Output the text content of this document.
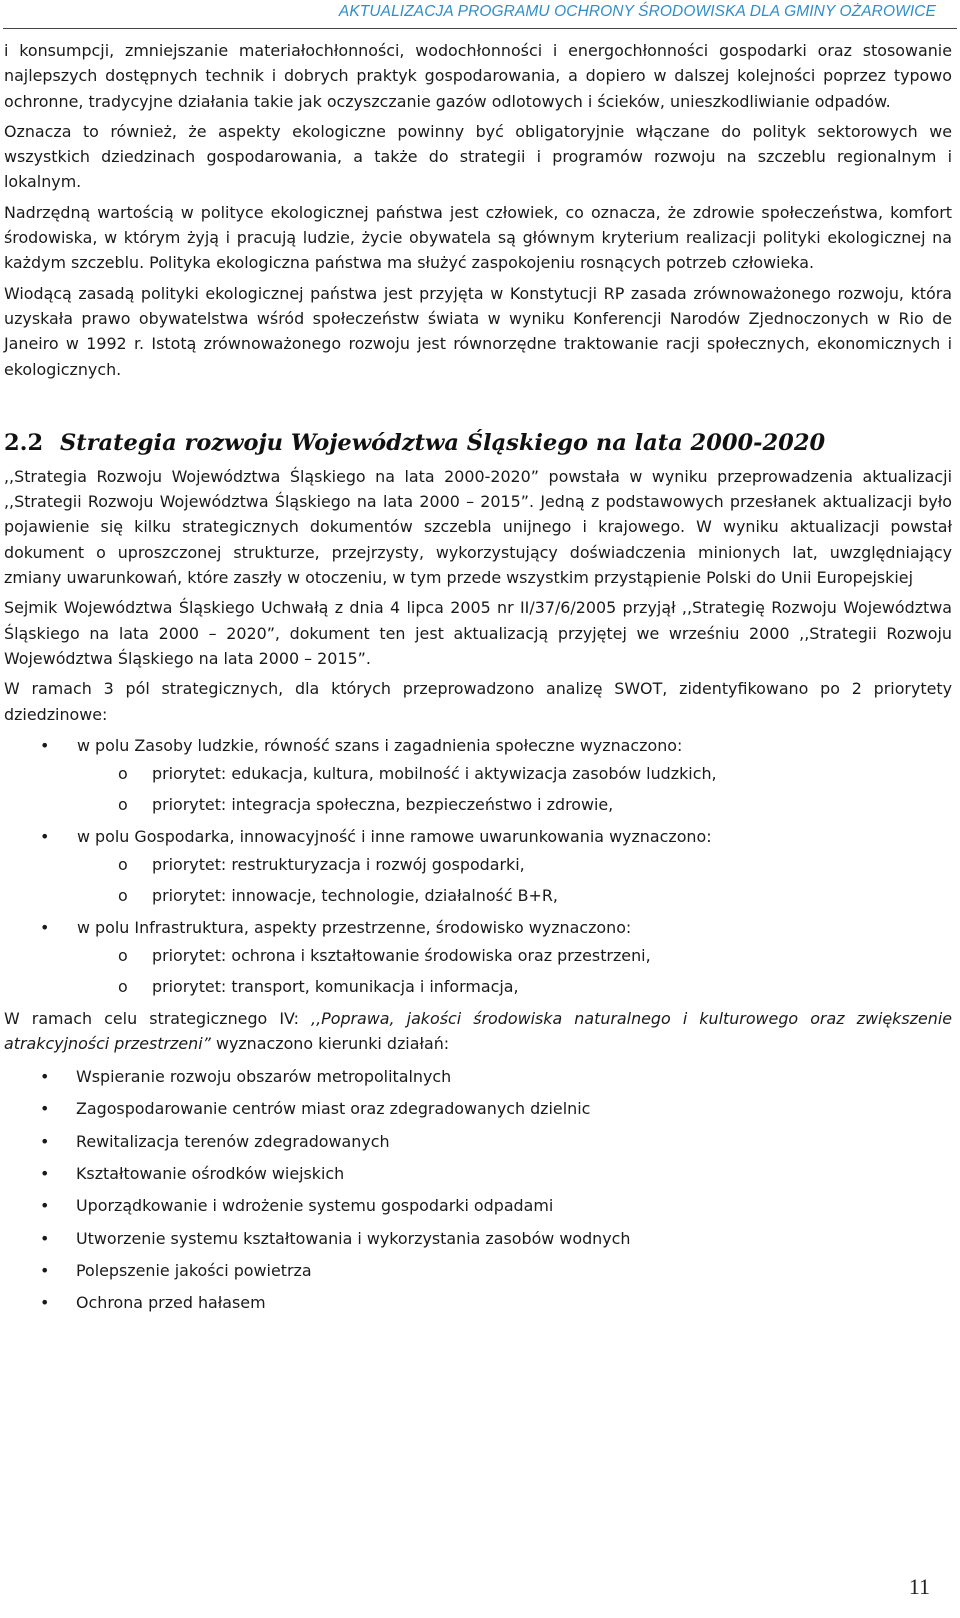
AKTUALIZACJA PROGRAMU OCHRONY ŚRODOWISKA DLA GMINY OŻAROWICE

i konsumpcji, zmniejszanie materiałochłonności, wodochłonności i energochłonności gospodarki oraz stosowanie najlepszych dostępnych technik i dobrych praktyk gospodarowania, a dopiero w dalszej kolejności poprzez typowo ochronne, tradycyjne działania takie jak oczyszczanie gazów odlotowych i ścieków, unieszkodliwianie odpadów.

Oznacza to również, że aspekty ekologiczne powinny być obligatoryjnie włączane do polityk sektorowych we wszystkich dziedzinach gospodarowania, a także do strategii i programów rozwoju na szczeblu regionalnym i lokalnym.

Nadrzędną wartością w polityce ekologicznej państwa jest człowiek, co oznacza, że zdrowie społeczeństwa, komfort środowiska, w którym żyją i pracują ludzie, życie obywatela są głównym kryterium realizacji polityki ekologicznej na każdym szczeblu. Polityka ekologiczna państwa ma służyć zaspokojeniu rosnących potrzeb człowieka.

Wiodącą zasadą polityki ekologicznej państwa jest przyjęta w Konstytucji RP zasada zrównoważonego rozwoju, która uzyskała prawo obywatelstwa wśród społeczeństw świata w wyniku Konferencji Narodów Zjednoczonych w Rio de Janeiro w 1992 r. Istotą zrównoważonego rozwoju jest równorzędne traktowanie racji społecznych, ekonomicznych i ekologicznych.

2.2 Strategia rozwoju Województwa Śląskiego na lata 2000-2020

,,Strategia Rozwoju Województwa Śląskiego na lata 2000-2020” powstała w wyniku przeprowadzenia aktualizacji ,,Strategii Rozwoju Województwa Śląskiego na lata 2000 – 2015”. Jedną z podstawowych przesłanek aktualizacji było pojawienie się kilku strategicznych dokumentów szczebla unijnego i krajowego. W wyniku aktualizacji powstał dokument o uproszczonej strukturze, przejrzysty, wykorzystujący doświadczenia minionych lat, uwzględniający zmiany uwarunkowań, które zaszły w otoczeniu, w tym przede wszystkim przystąpienie Polski do Unii Europejskiej

Sejmik Województwa Śląskiego Uchwałą z dnia 4 lipca 2005 nr II/37/6/2005 przyjął ,,Strategię Rozwoju Województwa Śląskiego na lata 2000 – 2020”, dokument ten jest aktualizacją przyjętej we wrześniu 2000 ,,Strategii Rozwoju Województwa Śląskiego na lata 2000 – 2015”.

W ramach 3 pól strategicznych, dla których przeprowadzono analizę SWOT, zidentyfikowano po 2 priorytety dziedzinowe:

• w polu Zasoby ludzkie, równość szans i zagadnienia społeczne wyznaczono:
o priorytet: edukacja, kultura, mobilność i aktywizacja zasobów ludzkich,
o priorytet: integracja społeczna, bezpieczeństwo i zdrowie,
• w polu Gospodarka, innowacyjność i inne ramowe uwarunkowania wyznaczono:
o priorytet: restrukturyzacja i rozwój gospodarki,
o priorytet: innowacje, technologie, działalność B+R,
• w polu Infrastruktura, aspekty przestrzenne, środowisko wyznaczono:
o priorytet: ochrona i kształtowanie środowiska oraz przestrzeni,
o priorytet: transport, komunikacja i informacja,

W ramach celu strategicznego IV: ,,Poprawa, jakości środowiska naturalnego i kulturowego oraz zwiększenie atrakcyjności przestrzeni” wyznaczono kierunki działań:

• Wspieranie rozwoju obszarów metropolitalnych
• Zagospodarowanie centrów miast oraz zdegradowanych dzielnic
• Rewitalizacja terenów zdegradowanych
• Kształtowanie ośrodków wiejskich
• Uporządkowanie i wdrożenie systemu gospodarki odpadami
• Utworzenie systemu kształtowania i wykorzystania zasobów wodnych
• Polepszenie jakości powietrza
• Ochrona przed hałasem
11
